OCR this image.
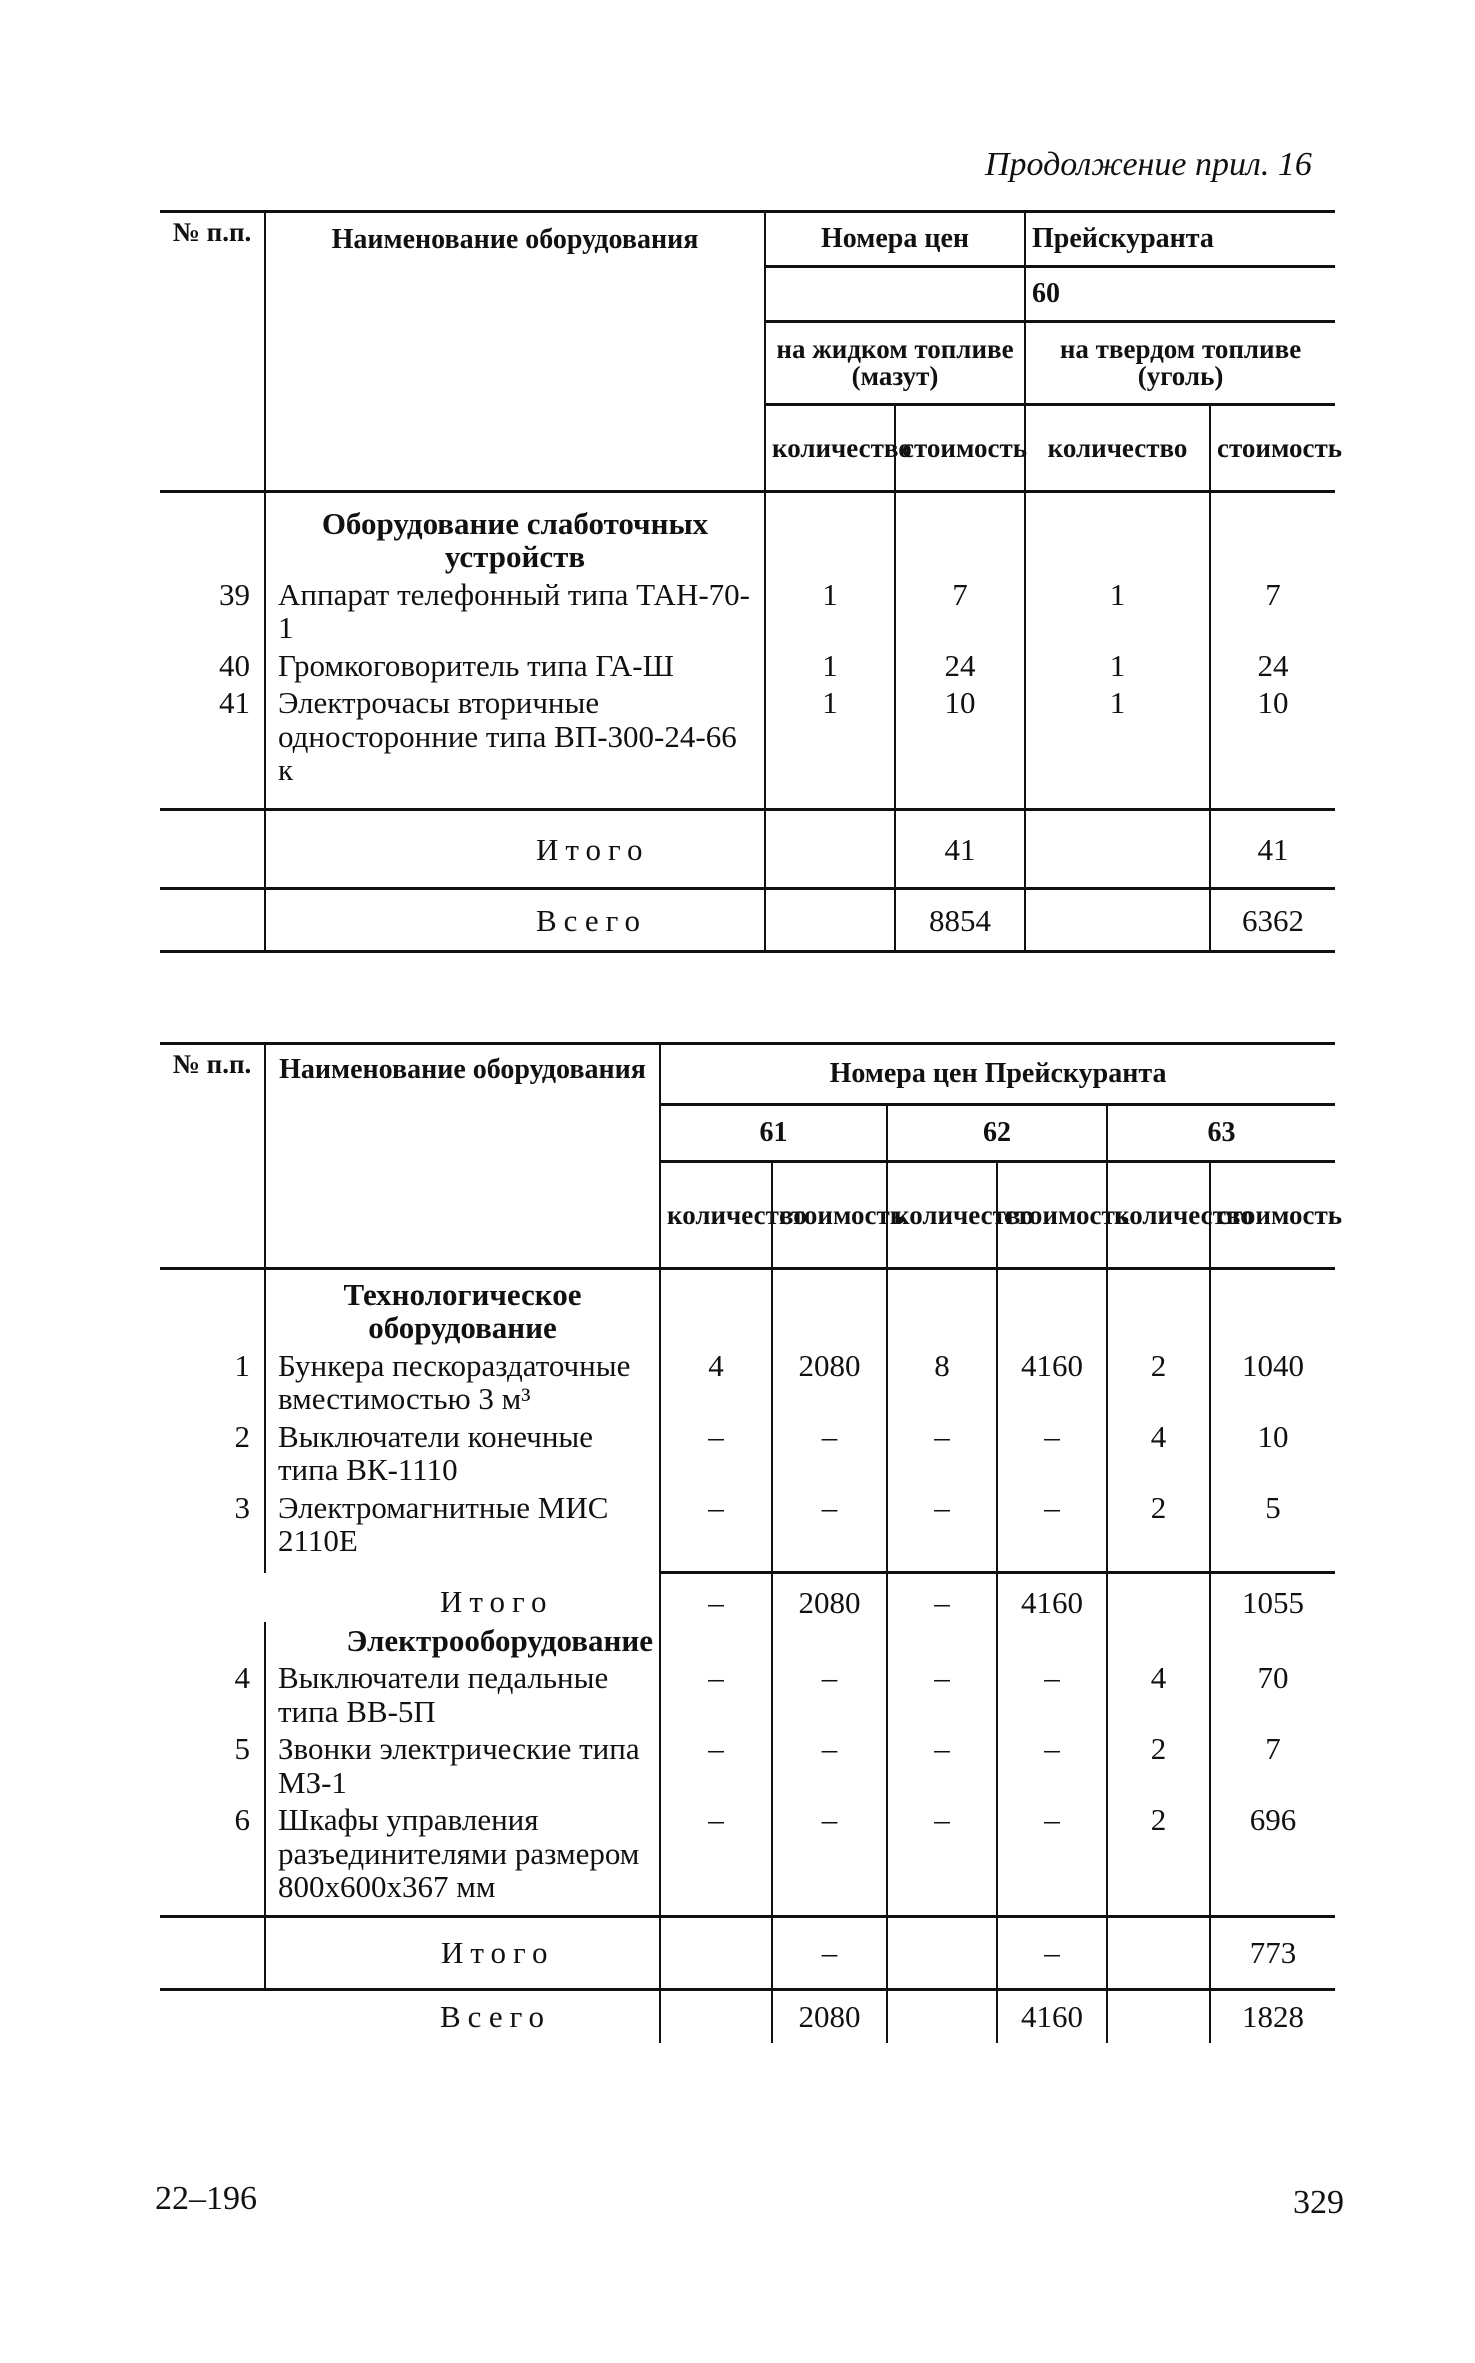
Продолжение прил. 16
№ п.п.	Наименование оборудования	Номера цен		Прейскуранта	
				60	
		на жидком топливе (мазут)		на твердом топливе (уголь)	
		количество	стоимость	количество	стоимость
	Оборудование слаботочных устройств				
39	Аппарат телефонный типа ТАН-70-1	1	7	1	7
40	Громкоговоритель типа ГА-Ш	1	24	1	24
41	Электрочасы вторичные односторонние типа ВП-300-24-66 к	1	10	1	10
	Итого		41		41
	Всего		8854		6362
№ п.п.	Наименование оборудования	Номера цен Прейскуранта					
		61		62		63	
		количество	стоимость	количество	стоимость	количество	стоимость
	Технологическое оборудование						
1	Бункера пескораздаточные вместимостью 3 м³	4	2080	8	4160	2	1040
2	Выключатели конечные типа ВК-1110	–	–	–	–	4	10
3	Электромагнитные МИС 2110Е	–	–	–	–	2	5
	Итого	–	2080	–	4160		1055
	Электрооборудование						
4	Выключатели педальные типа ВВ-5П	–	–	–	–	4	70
5	Звонки электрические типа МЗ-1	–	–	–	–	2	7
6	Шкафы управления разъединителями размером 800х600х367 мм	–	–	–	–	2	696
	Итого		–		–		773
	Всего		2080		4160		1828
22–196	329
